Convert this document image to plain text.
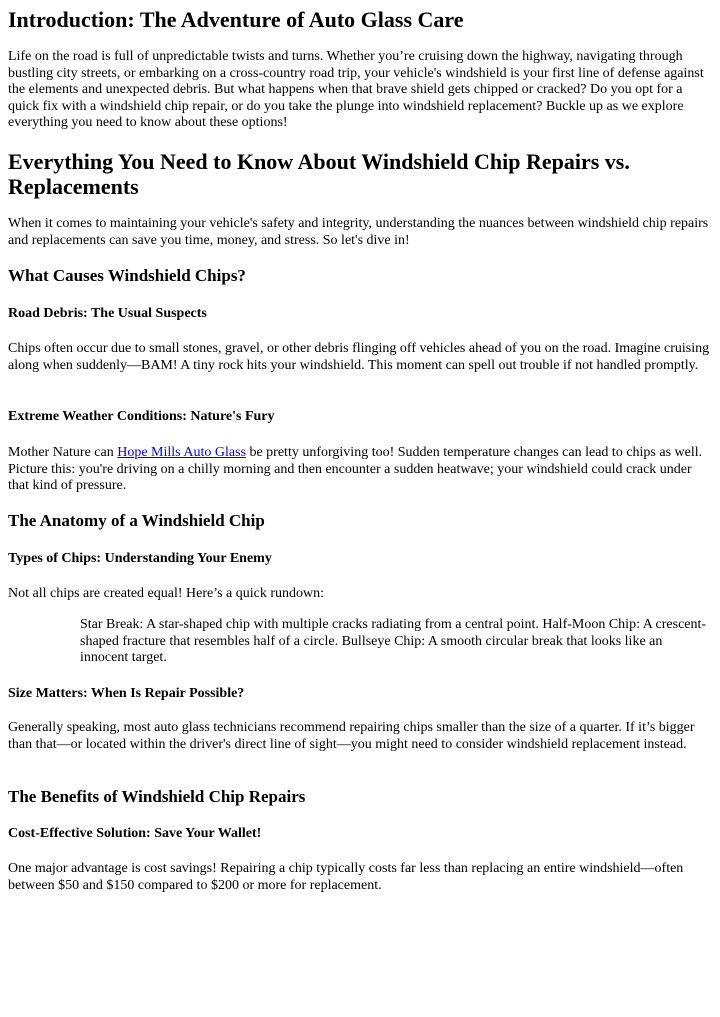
Introduction: The Adventure of Auto Glass Care

Life on the road is full of unpredictable twists and turns. Whether you’re cruising down the highway, navigating through bustling city streets, or embarking on a cross-country road trip, your vehicle's windshield is your first line of defense against the elements and unexpected debris. But what happens when that brave shield gets chipped or cracked? Do you opt for a quick fix with a windshield chip repair, or do you take the plunge into windshield replacement? Buckle up as we explore everything you need to know about these options!

Everything You Need to Know About Windshield Chip Repairs vs. Replacements

When it comes to maintaining your vehicle's safety and integrity, understanding the nuances between windshield chip repairs and replacements can save you time, money, and stress. So let's dive in!

What Causes Windshield Chips?
Road Debris: The Usual Suspects

Chips often occur due to small stones, gravel, or other debris flinging off vehicles ahead of you on the road. Imagine cruising along when suddenly—BAM! A tiny rock hits your windshield. This moment can spell out trouble if not handled promptly.

Extreme Weather Conditions: Nature's Fury

Mother Nature can Hope Mills Auto Glass be pretty unforgiving too! Sudden temperature changes can lead to chips as well. Picture this: you're driving on a chilly morning and then encounter a sudden heatwave; your windshield could crack under that kind of pressure.

The Anatomy of a Windshield Chip
Types of Chips: Understanding Your Enemy

Not all chips are created equal! Here’s a quick rundown:

Star Break: A star-shaped chip with multiple cracks radiating from a central point. Half-Moon Chip: A crescent-shaped fracture that resembles half of a circle. Bullseye Chip: A smooth circular break that looks like an innocent target.
Size Matters: When Is Repair Possible?

Generally speaking, most auto glass technicians recommend repairing chips smaller than the size of a quarter. If it’s bigger than that—or located within the driver's direct line of sight—you might need to consider windshield replacement instead.

The Benefits of Windshield Chip Repairs
Cost-Effective Solution: Save Your Wallet!

One major advantage is cost savings! Repairing a chip typically costs far less than replacing an entire windshield—often between $50 and $150 compared to $200 or more for replacement.
